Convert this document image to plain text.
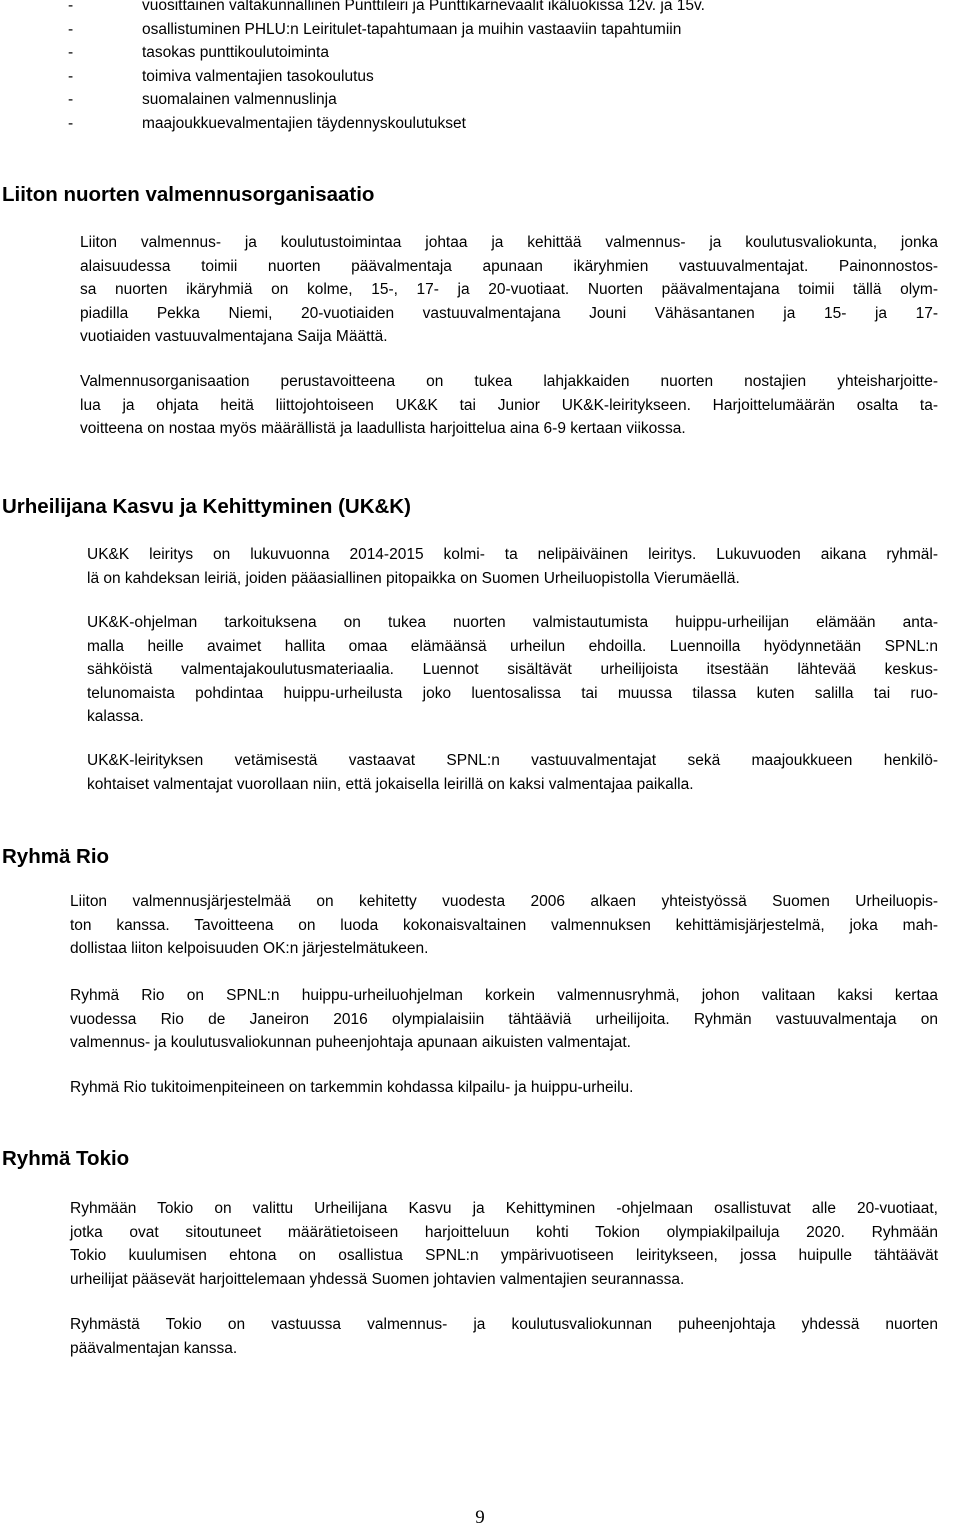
-	vuosittainen valtakunnallinen Punttileiri ja Punttikarnevaalit ikäluokissa 12v. ja 15v.
-	osallistuminen PHLU:n Leiritulet-tapahtumaan ja muihin vastaaviin tapahtumiin
-	tasokas punttikoulutoiminta
-	toimiva valmentajien tasokoulutus
-	suomalainen valmennuslinja
-	maajoukkuevalmentajien täydennyskoulutukset
Liiton nuorten valmennusorganisaatio
Liiton valmennus- ja koulutustoimintaa johtaa ja kehittää valmennus- ja koulutusvaliokunta, jonka
alaisuudessa toimii nuorten päävalmentaja apunaan ikäryhmien vastuuvalmentajat. Painonnostos-
sa nuorten ikäryhmiä on kolme, 15-, 17- ja 20-vuotiaat. Nuorten päävalmentajana toimii tällä olym-
piadilla Pekka Niemi, 20-vuotiaiden vastuuvalmentajana Jouni Vähäsantanen ja 15- ja 17-
vuotiaiden vastuuvalmentajana Saija Määttä.
Valmennusorganisaation perustavoitteena on tukea lahjakkaiden nuorten nostajien yhteisharjoitte-
lua ja ohjata heitä liittojohtoiseen UK&K tai Junior UK&K-leiritykseen. Harjoittelumäärän osalta ta-
voitteena on nostaa myös määrällistä ja laadullista harjoittelua aina 6-9 kertaan viikossa.
Urheilijana Kasvu ja Kehittyminen (UK&K)
UK&K leiritys on lukuvuonna 2014-2015 kolmi- ta nelipäiväinen leiritys. Lukuvuoden aikana ryhmäl-
lä on kahdeksan leiriä, joiden pääasiallinen pitopaikka on Suomen Urheiluopistolla Vierumäellä.
UK&K-ohjelman tarkoituksena on tukea nuorten valmistautumista huippu-urheilijan elämään anta-
malla heille avaimet hallita omaa elämäänsä urheilun ehdoilla. Luennoilla hyödynnetään SPNL:n
sähköistä valmentajakoulutusmateriaalia. Luennot sisältävät urheilijoista itsestään lähtevää keskus-
telunomaista pohdintaa huippu-urheilusta joko luentosalissa tai muussa tilassa kuten salilla tai ruo-
kalassa.
UK&K-leirityksen vetämisestä vastaavat SPNL:n vastuuvalmentajat sekä maajoukkueen henkilö-
kohtaiset valmentajat vuorollaan niin, että jokaisella leirillä on kaksi valmentajaa paikalla.
Ryhmä Rio
Liiton valmennusjärjestelmää on kehitetty vuodesta 2006 alkaen yhteistyössä Suomen Urheiluopis-
ton kanssa. Tavoitteena on luoda kokonaisvaltainen valmennuksen kehittämisjärjestelmä, joka mah-
dollistaa liiton kelpoisuuden OK:n järjestelmätukeen.
Ryhmä Rio on SPNL:n huippu-urheiluohjelman korkein valmennusryhmä, johon valitaan kaksi kertaa
vuodessa Rio de Janeiron 2016 olympialaisiin tähtääviä urheilijoita. Ryhmän vastuuvalmentaja on
valmennus- ja koulutusvaliokunnan puheenjohtaja apunaan aikuisten valmentajat.
Ryhmä Rio tukitoimenpiteineen on tarkemmin kohdassa kilpailu- ja huippu-urheilu.
Ryhmä Tokio
Ryhmään Tokio on valittu Urheilijana Kasvu ja Kehittyminen -ohjelmaan osallistuvat alle 20-vuotiaat,
jotka ovat sitoutuneet määrätietoiseen harjoitteluun kohti Tokion olympiakilpailuja 2020. Ryhmään
Tokio kuulumisen ehtona on osallistua SPNL:n ympärivuotiseen leiritykseen, jossa huipulle tähtäävät
urheilijat pääsevät harjoittelemaan yhdessä Suomen johtavien valmentajien seurannassa.
Ryhmästä Tokio on vastuussa valmennus- ja koulutusvaliokunnan puheenjohtaja yhdessä nuorten
päävalmentajan kanssa.
9
